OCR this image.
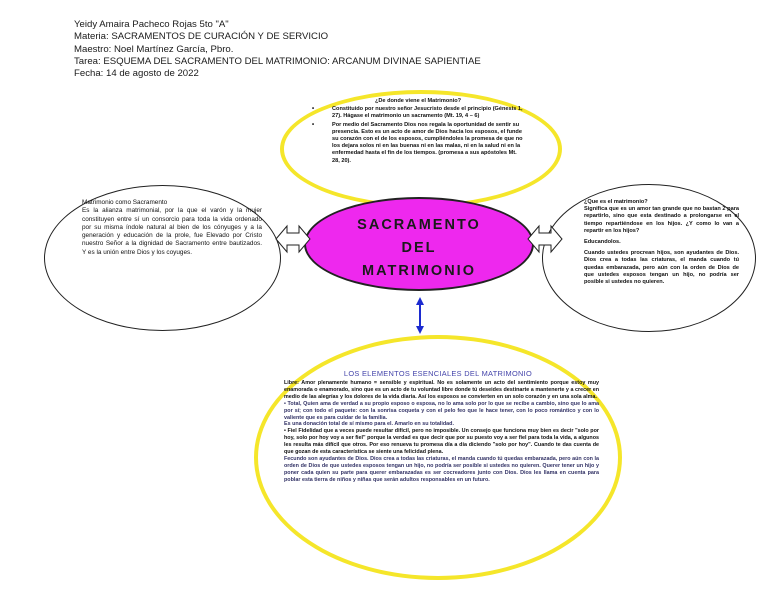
Yeidy Amaira Pacheco Rojas 5to "A"
Materia: SACRAMENTOS DE CURACIÓN Y DE SERVICIO
Maestro: Noel Martínez García, Pbro.
Tarea: ESQUEMA DEL SACRAMENTO DEL MATRIMONIO: ARCANUM DIVINAE SAPIENTIAE
Fecha: 14 de agosto de 2022
SACRAMENTO
DEL
MATRIMONIO

¿De donde viene el Matrimonio?

•	Constituido por nuestro señor Jesucristo desde el principio (Génesis 1, 27). Hágase el matrimonio un sacramento (Mt. 19, 4 – 6)
•	Por medio del Sacramento Dios nos regala la oportunidad de sentir su presencia. Esto es un acto de amor de Dios hacia los esposos, el funde su corazón con el de los esposos, cumpliéndoles la promesa de que no los dejara solos ni en las buenas ni en las malas, ni en la salud ni en la enfermedad hasta el fin de los tiempos. (promesa a sus apóstoles Mt. 28, 20).

Matrimonio como Sacramento

Es la alianza matrimonial, por la que el varón y la mujer constituyen entre sí un consorcio para toda la vida ordenado por su misma índole natural al bien de los cónyuges y a la generación y educación de la prole, fue Elevado por Cristo nuestro Señor a la dignidad de Sacramento entre bautizados. Y es la unión entre Dios y los coyuges.

¿Que es el matrimonio?

Significa que es un amor tan grande que no bastan 2 para repartirlo, sino que esta destinado a prolongarse en el tiempo repartiéndose en los hijos. ¿Y como lo van a repartir en los hijos?

Educandolos.

Cuando ustedes procrean hijos, son ayudantes de Dios. Dios crea a todas las criaturas, el manda cuando tú quedas embarazada, pero aún con la orden de Dios de que ustedes esposos tengan un hijo, no podría ser posible si ustedes no quieren.

LOS ELEMENTOS ESENCIALES DEL MATRIMONIO

Libre: Amor plenamente humano = sensible y espiritual. No es solamente un acto del sentimiento porque estoy muy enamorada o enamorado, sino que es un acto de tu voluntad libre donde tú deseides destinarte a mantenerte y a crecer en medio de las alegrías y los dolores de la vida diaria. Así los esposos se convierten en un solo corazón y en una sola alma.

• Total, Quien ama de verdad a su propio esposo o esposa, no lo ama solo por lo que se recibe a cambio, sino que lo ama por sí; con todo el paquete: con la sonrisa coqueta y con el pelo feo que le hace tener, con lo poco romántico y con lo valiente que es para cuidar de la familia.

Es una donación total de sí mismo para el. Amarlo en su totalidad.

• Fiel Fidelidad que a veces puede resultar difícil, pero no imposible. Un consejo que funciona muy bien es decir "solo por hoy, solo por hoy voy a ser fiel" porque la verdad es que decir que por su puesto voy a ser fiel para toda la vida, a algunos les resulta más difícil que otros. Por eso renueva tu promesa día a día diciendo "solo por hoy". Cuando te das cuenta de que gozan de esta característica se siente una felicidad plena.

Fecundo son ayudantes de Dios. Dios crea a todas las criaturas, el manda cuando tú quedas embarazada, pero aún con la orden de Dios de que ustedes esposos tengan un hijo, no podría ser posible si ustedes no quieren. Querer tener un hijo y poner cada quien su parte para querer embarazadas es ser cocreadores junto con Dios. Dios les llama en cuenta para poblar esta tierra de niños y niñas que serán adultos responsables en un futuro.
